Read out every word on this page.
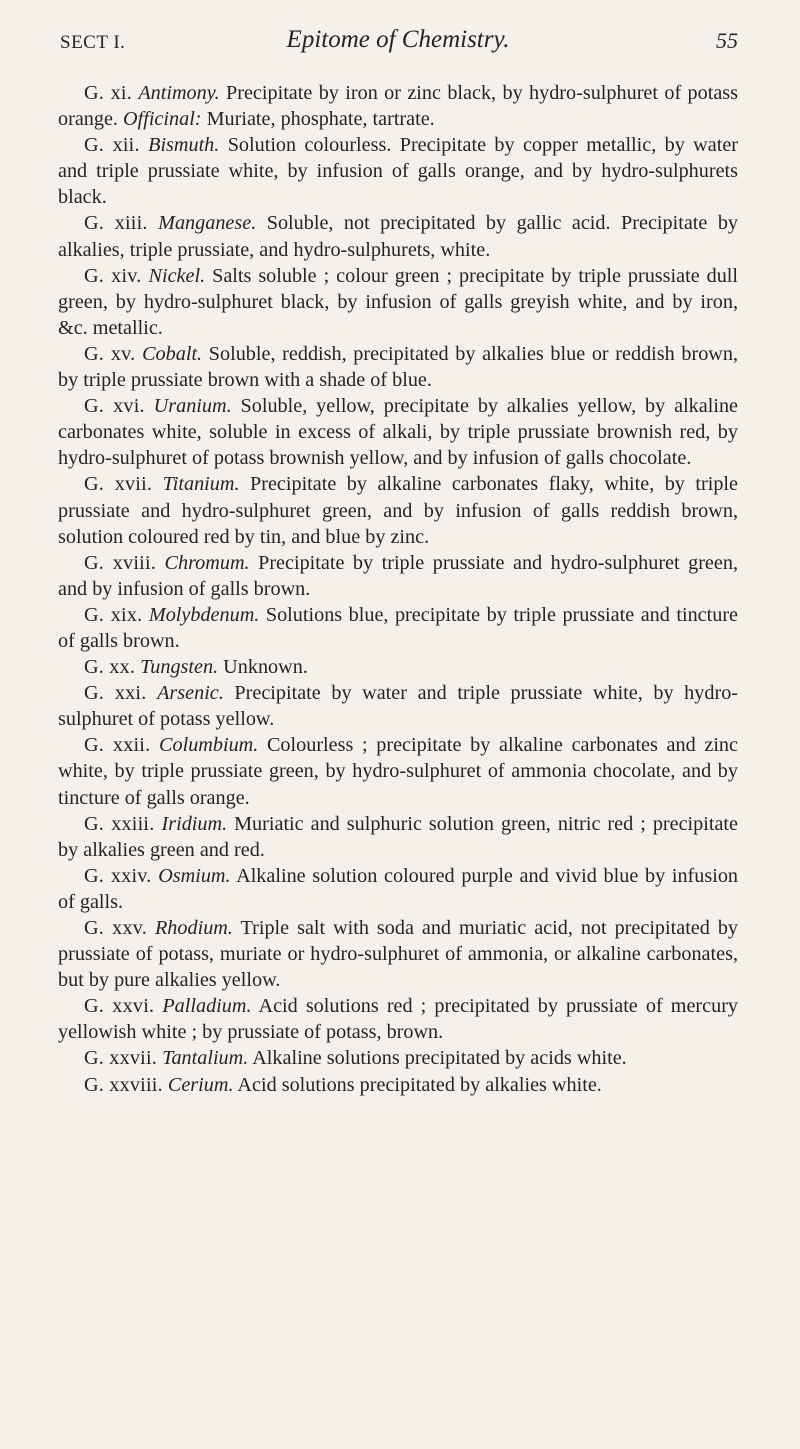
SECT I.	Epitome of Chemistry.	55

G. xi. Antimony. Precipitate by iron or zinc black, by hydro-sulphuret of potass orange. Officinal: Muriate, phosphate, tartrate.

G. xii. Bismuth. Solution colourless. Precipitate by copper metallic, by water and triple prussiate white, by infusion of galls orange, and by hydro-sulphurets black.

G. xiii. Manganese. Soluble, not precipitated by gallic acid. Precipitate by alkalies, triple prussiate, and hydro-sulphurets, white.

G. xiv. Nickel. Salts soluble ; colour green ; precipitate by triple prussiate dull green, by hydro-sulphuret black, by infusion of galls greyish white, and by iron, &c. metallic.

G. xv. Cobalt. Soluble, reddish, precipitated by alkalies blue or reddish brown, by triple prussiate brown with a shade of blue.

G. xvi. Uranium. Soluble, yellow, precipitate by alkalies yellow, by alkaline carbonates white, soluble in excess of alkali, by triple prussiate brownish red, by hydro-sulphuret of potass brownish yellow, and by infusion of galls chocolate.

G. xvii. Titanium. Precipitate by alkaline carbonates flaky, white, by triple prussiate and hydro-sulphuret green, and by infusion of galls reddish brown, solution coloured red by tin, and blue by zinc.

G. xviii. Chromum. Precipitate by triple prussiate and hydro-sulphuret green, and by infusion of galls brown.

G. xix. Molybdenum. Solutions blue, precipitate by triple prussiate and tincture of galls brown.

G. xx. Tungsten. Unknown.

G. xxi. Arsenic. Precipitate by water and triple prussiate white, by hydro-sulphuret of potass yellow.

G. xxii. Columbium. Colourless ; precipitate by alkaline carbonates and zinc white, by triple prussiate green, by hydro-sulphuret of ammonia chocolate, and by tincture of galls orange.

G. xxiii. Iridium. Muriatic and sulphuric solution green, nitric red ; precipitate by alkalies green and red.

G. xxiv. Osmium. Alkaline solution coloured purple and vivid blue by infusion of galls.

G. xxv. Rhodium. Triple salt with soda and muriatic acid, not precipitated by prussiate of potass, muriate or hydro-sulphuret of ammonia, or alkaline carbonates, but by pure alkalies yellow.

G. xxvi. Palladium. Acid solutions red ; precipitated by prussiate of mercury yellowish white ; by prussiate of potass, brown.

G. xxvii. Tantalium. Alkaline solutions precipitated by acids white.

G. xxviii. Cerium. Acid solutions precipitated by alkalies white.
